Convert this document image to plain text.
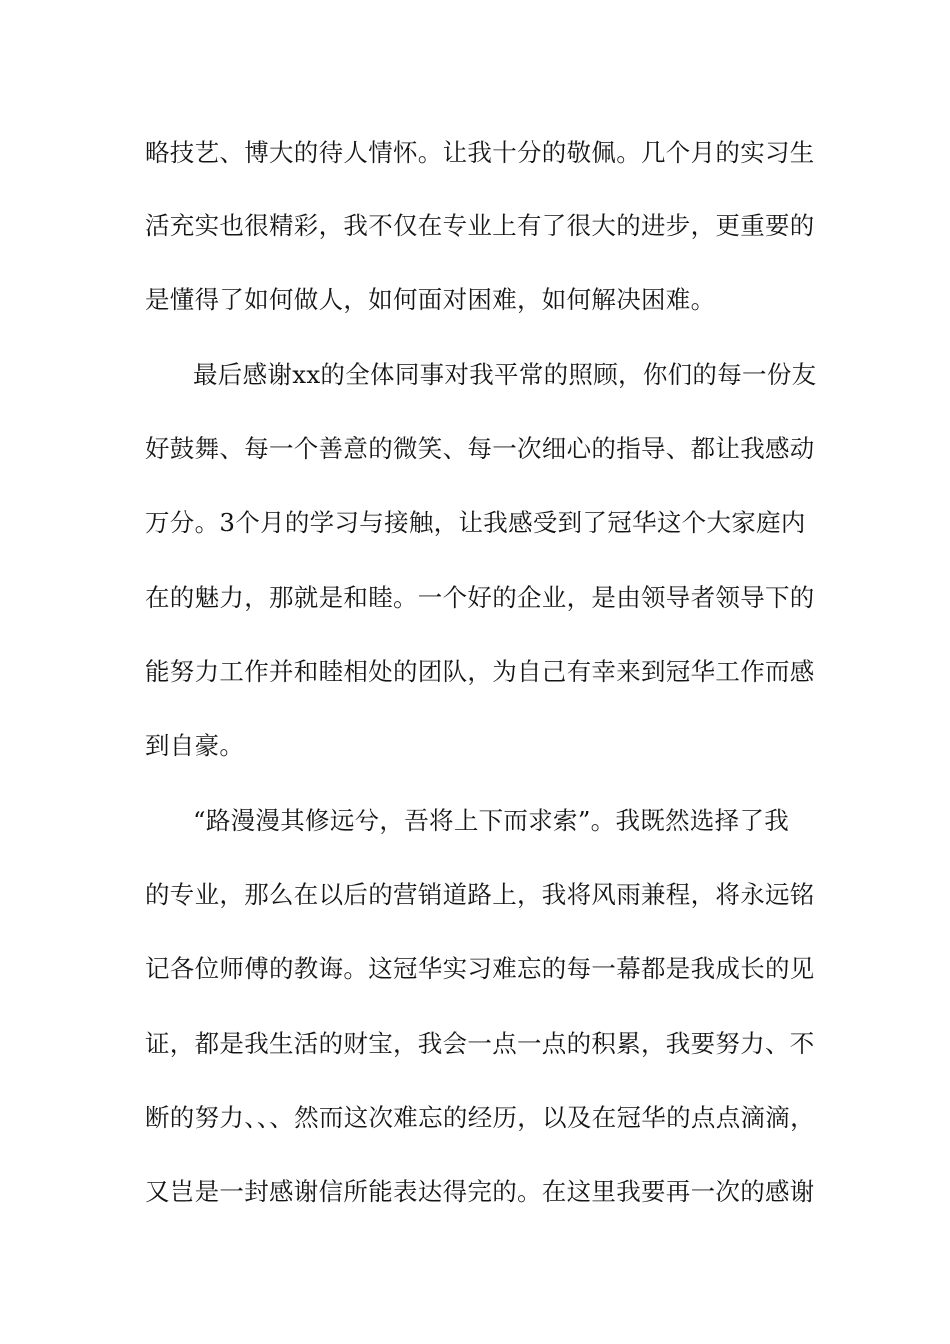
略技艺、博大的待人情怀。让我十分的敬佩。几个月的实习生
活充实也很精彩，我不仅在专业上有了很大的进步，更重要的
是懂得了如何做人，如何面对困难，如何解决困难。
最后感谢xx的全体同事对我平常的照顾，你们的每一份友
好鼓舞、每一个善意的微笑、每一次细心的指导、都让我感动
万分。3个月的学习与接触，让我感受到了冠华这个大家庭内
在的魅力，那就是和睦。一个好的企业，是由领导者领导下的
能努力工作并和睦相处的团队，为自己有幸来到冠华工作而感
到自豪。
“路漫漫其修远兮，吾将上下而求索”。我既然选择了我
的专业，那么在以后的营销道路上，我将风雨兼程，将永远铭
记各位师傅的教诲。这冠华实习难忘的每一幕都是我成长的见
证，都是我生活的财宝，我会一点一点的积累，我要努力、不
断的努力、、、然而这次难忘的经历，以及在冠华的点点滴滴，
又岂是一封感谢信所能表达得完的。在这里我要再一次的感谢
